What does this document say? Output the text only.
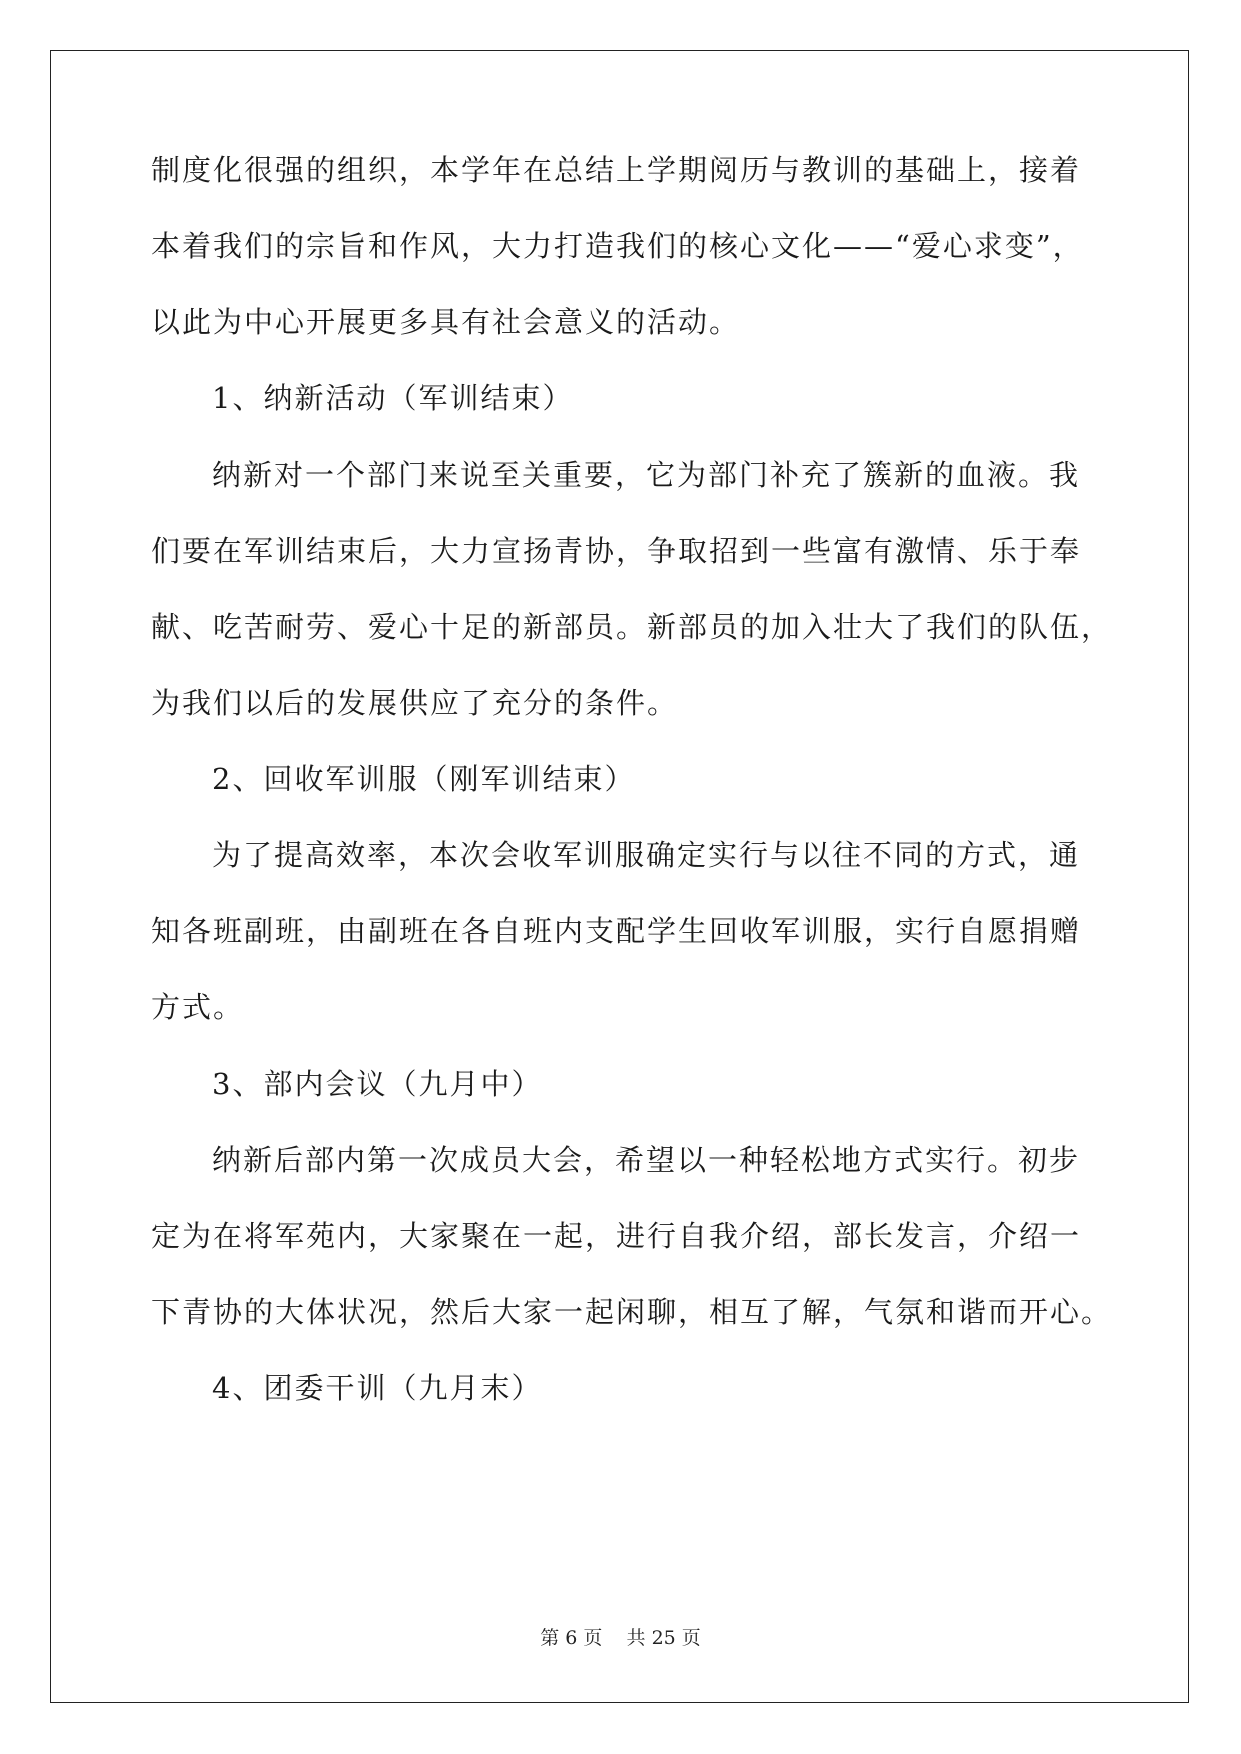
制度化很强的组织，本学年在总结上学期阅历与教训的基础上，接着
本着我们的宗旨和作风，大力打造我们的核心文化——“爱心求变”，
以此为中心开展更多具有社会意义的活动。
1、纳新活动（军训结束）
纳新对一个部门来说至关重要，它为部门补充了簇新的血液。我
们要在军训结束后，大力宣扬青协，争取招到一些富有激情、乐于奉
献、吃苦耐劳、爱心十足的新部员。新部员的加入壮大了我们的队伍，
为我们以后的发展供应了充分的条件。
2、回收军训服（刚军训结束）
为了提高效率，本次会收军训服确定实行与以往不同的方式，通
知各班副班，由副班在各自班内支配学生回收军训服，实行自愿捐赠
方式。
3、部内会议（九月中）
纳新后部内第一次成员大会，希望以一种轻松地方式实行。初步
定为在将军苑内，大家聚在一起，进行自我介绍，部长发言，介绍一
下青协的大体状况，然后大家一起闲聊，相互了解，气氛和谐而开心。
4、团委干训（九月末）
第 6 页    共 25 页
